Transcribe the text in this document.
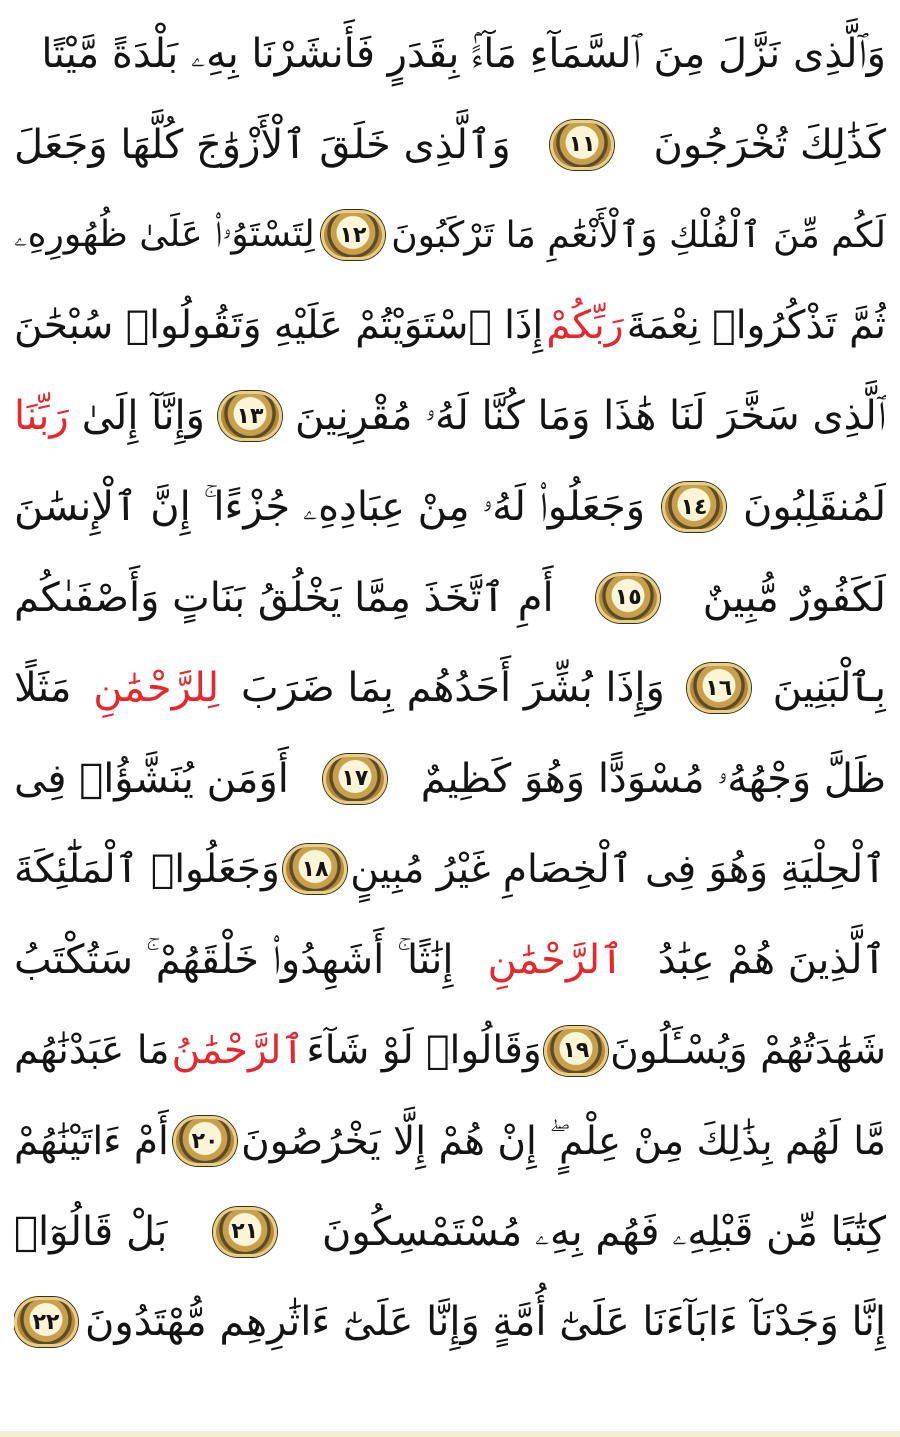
وَٱلَّذِى نَزَّلَ مِنَ ٱلسَّمَآءِ مَآءًۢ بِقَدَرٍ فَأَنشَرْنَا بِهِۦ بَلْدَةً مَّيْتًا
كَذَٰلِكَ تُخْرَجُونَ
١١
وَٱلَّذِى خَلَقَ ٱلْأَزْوَٰجَ كُلَّهَا وَجَعَلَ
لَكُم مِّنَ ٱلْفُلْكِ وَٱلْأَنْعَٰمِ مَا تَرْكَبُونَ
١٢
لِتَسْتَوُۥا۟ عَلَىٰ ظُهُورِهِۦ
ثُمَّ تَذْكُرُوا۟ نِعْمَةَ
رَبِّكُمْ
إِذَا ٱسْتَوَيْتُمْ عَلَيْهِ وَتَقُولُوا۟ سُبْحَٰنَ
ٱلَّذِى سَخَّرَ لَنَا هَٰذَا وَمَا كُنَّا لَهُۥ مُقْرِنِينَ
١٣
وَإِنَّآ إِلَىٰ
رَبِّنَا
لَمُنقَلِبُونَ
١٤
وَجَعَلُوا۟ لَهُۥ مِنْ عِبَادِهِۦ جُزْءًا ۚ إِنَّ ٱلْإِنسَٰنَ
لَكَفُورٌ مُّبِينٌ
١٥
أَمِ ٱتَّخَذَ مِمَّا يَخْلُقُ بَنَاتٍ وَأَصْفَىٰكُم
بِٱلْبَنِينَ
١٦
وَإِذَا بُشِّرَ أَحَدُهُم بِمَا ضَرَبَ
لِلرَّحْمَٰنِ
مَثَلًا
ظَلَّ وَجْهُهُۥ مُسْوَدًّا وَهُوَ كَظِيمٌ
١٧
أَوَمَن يُنَشَّؤُا۟ فِى
ٱلْحِلْيَةِ وَهُوَ فِى ٱلْخِصَامِ غَيْرُ مُبِينٍ
١٨
وَجَعَلُوا۟ ٱلْمَلَٰٓئِكَةَ
ٱلَّذِينَ هُمْ عِبَٰدُ
ٱلرَّحْمَٰنِ
إِنَٰثًا ۚ أَشَهِدُوا۟ خَلْقَهُمْ ۚ سَتُكْتَبُ
شَهَٰدَتُهُمْ وَيُسْـَٔلُونَ
١٩
وَقَالُوا۟ لَوْ شَآءَ
ٱلرَّحْمَٰنُ
مَا عَبَدْنَٰهُم
مَّا لَهُم بِذَٰلِكَ مِنْ عِلْمٍ ۖ إِنْ هُمْ إِلَّا يَخْرُصُونَ
٢٠
أَمْ ءَاتَيْنَٰهُمْ
كِتَٰبًا مِّن قَبْلِهِۦ فَهُم بِهِۦ مُسْتَمْسِكُونَ
٢١
بَلْ قَالُوٓا۟
إِنَّا وَجَدْنَآ ءَابَآءَنَا عَلَىٰٓ أُمَّةٍ وَإِنَّا عَلَىٰٓ ءَاثَٰرِهِم مُّهْتَدُونَ
٢٢
